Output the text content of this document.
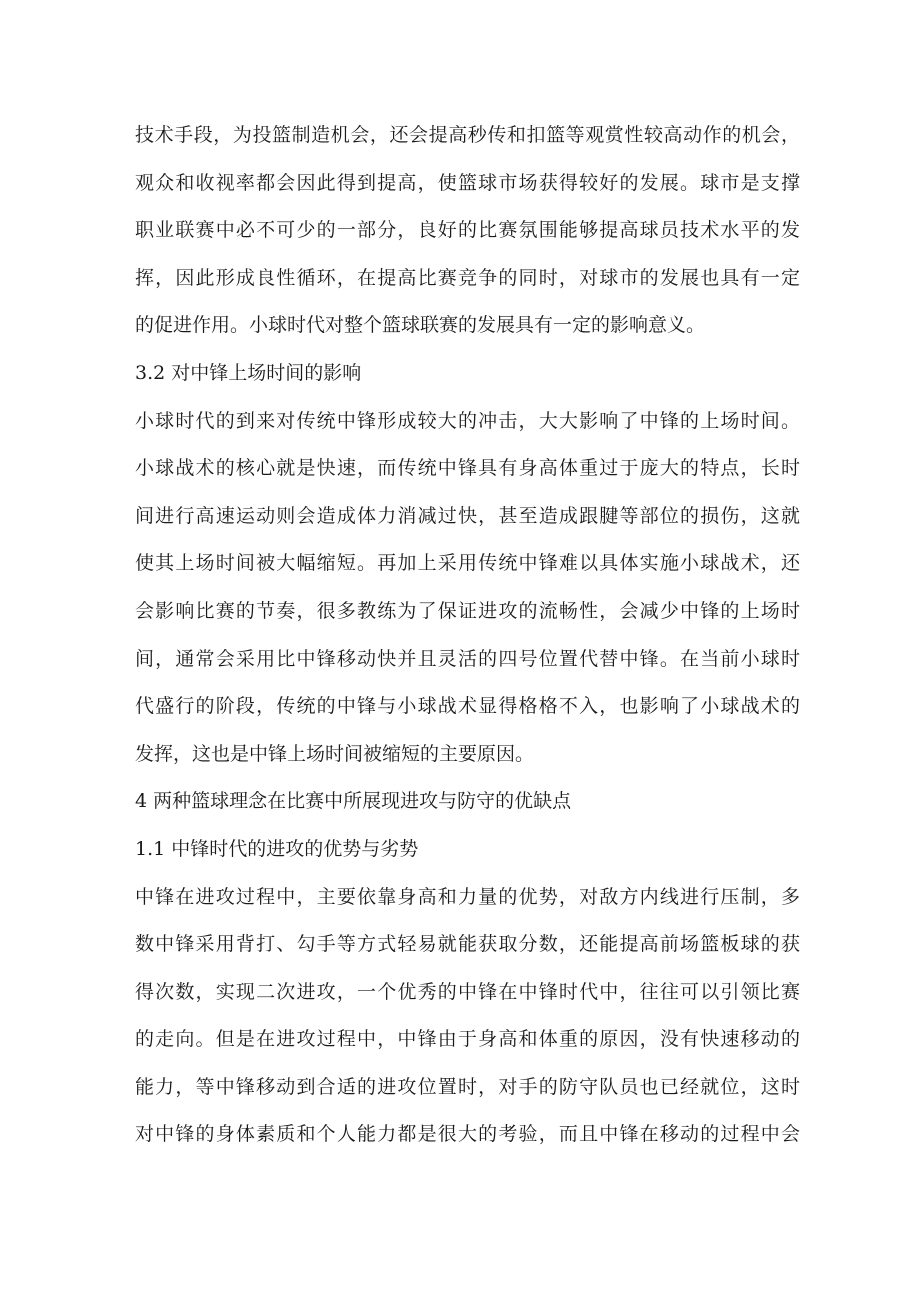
技术手段，为投篮制造机会，还会提高秒传和扣篮等观赏性较高动作的机会，
观众和收视率都会因此得到提高，使篮球市场获得较好的发展。球市是支撑
职业联赛中必不可少的一部分，良好的比赛氛围能够提高球员技术水平的发
挥，因此形成良性循环，在提高比赛竞争的同时，对球市的发展也具有一定
的促进作用。小球时代对整个篮球联赛的发展具有一定的影响意义。
3.2 对中锋上场时间的影响
小球时代的到来对传统中锋形成较大的冲击，大大影响了中锋的上场时间。
小球战术的核心就是快速，而传统中锋具有身高体重过于庞大的特点，长时
间进行高速运动则会造成体力消减过快，甚至造成跟腱等部位的损伤，这就
使其上场时间被大幅缩短。再加上采用传统中锋难以具体实施小球战术，还
会影响比赛的节奏，很多教练为了保证进攻的流畅性，会减少中锋的上场时
间，通常会采用比中锋移动快并且灵活的四号位置代替中锋。在当前小球时
代盛行的阶段，传统的中锋与小球战术显得格格不入，也影响了小球战术的
发挥，这也是中锋上场时间被缩短的主要原因。
4 两种篮球理念在比赛中所展现进攻与防守的优缺点
1.1 中锋时代的进攻的优势与劣势
中锋在进攻过程中，主要依靠身高和力量的优势，对敌方内线进行压制，多
数中锋采用背打、勾手等方式轻易就能获取分数，还能提高前场篮板球的获
得次数，实现二次进攻，一个优秀的中锋在中锋时代中，往往可以引领比赛
的走向。但是在进攻过程中，中锋由于身高和体重的原因，没有快速移动的
能力，等中锋移动到合适的进攻位置时，对手的防守队员也已经就位，这时
对中锋的身体素质和个人能力都是很大的考验，而且中锋在移动的过程中会
